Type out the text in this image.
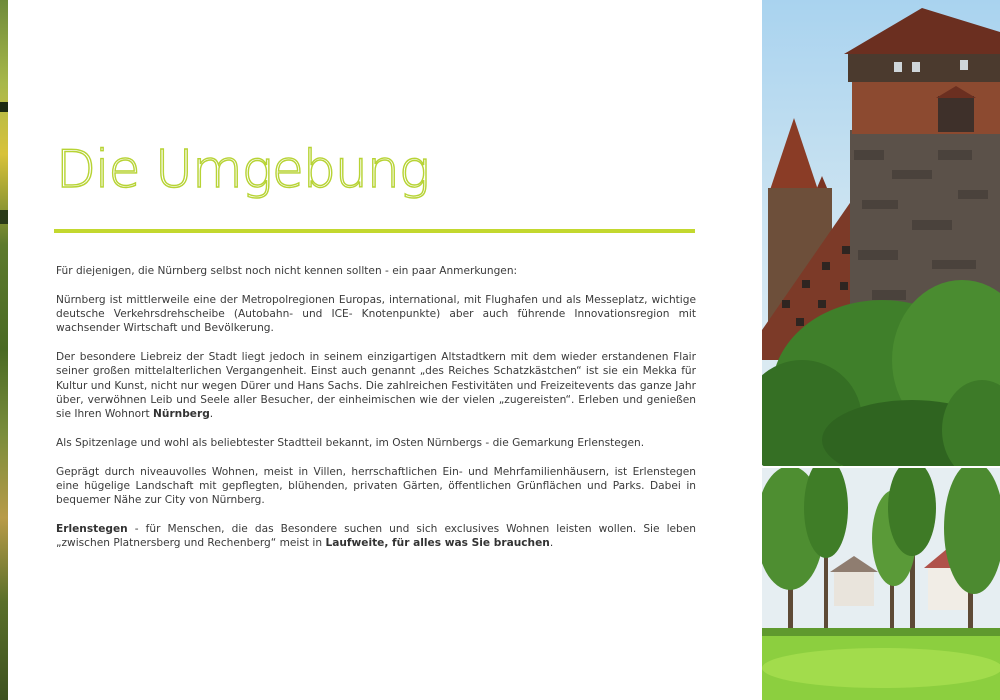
Die Umgebung

Für diejenigen, die Nürnberg selbst noch nicht kennen sollten - ein paar Anmerkungen:

Nürnberg ist mittlerweile eine der Metropolregionen Europas, international, mit Flughafen und als Messeplatz, wichtige deutsche Verkehrsdrehscheibe (Autobahn- und ICE- Knotenpunkte) aber auch führende Innovationsregion mit wachsender Wirtschaft und Bevölkerung.

Der besondere Liebreiz der Stadt liegt jedoch in seinem einzigartigen Altstadtkern mit dem wieder erstandenen Flair seiner großen mittelalterlichen Vergangenheit. Einst auch genannt „des Reiches Schatzkästchen“ ist sie ein Mekka für Kultur und Kunst, nicht nur wegen Dürer und Hans Sachs. Die zahlreichen Festivitäten und Freizeitevents das ganze Jahr über, verwöhnen Leib und Seele aller Besucher, der einheimischen wie der vielen „zugereisten“. Erleben und genießen sie Ihren Wohnort Nürnberg.

Als Spitzenlage und wohl als beliebtester Stadtteil bekannt, im Osten Nürnbergs - die Gemarkung Erlenstegen.

Geprägt durch niveauvolles Wohnen, meist in Villen, herrschaftlichen Ein- und Mehrfamilienhäusern, ist Erlenstegen eine hügelige Landschaft mit gepflegten, blühenden, privaten Gärten, öffentlichen Grünflächen und Parks. Dabei in bequemer Nähe zur City von Nürnberg.

Erlenstegen - für Menschen, die das Besondere suchen und sich exclusives Wohnen leisten wollen. Sie leben „zwischen Platnersberg und Rechenberg“ meist in Laufweite, für alles was Sie brauchen.
